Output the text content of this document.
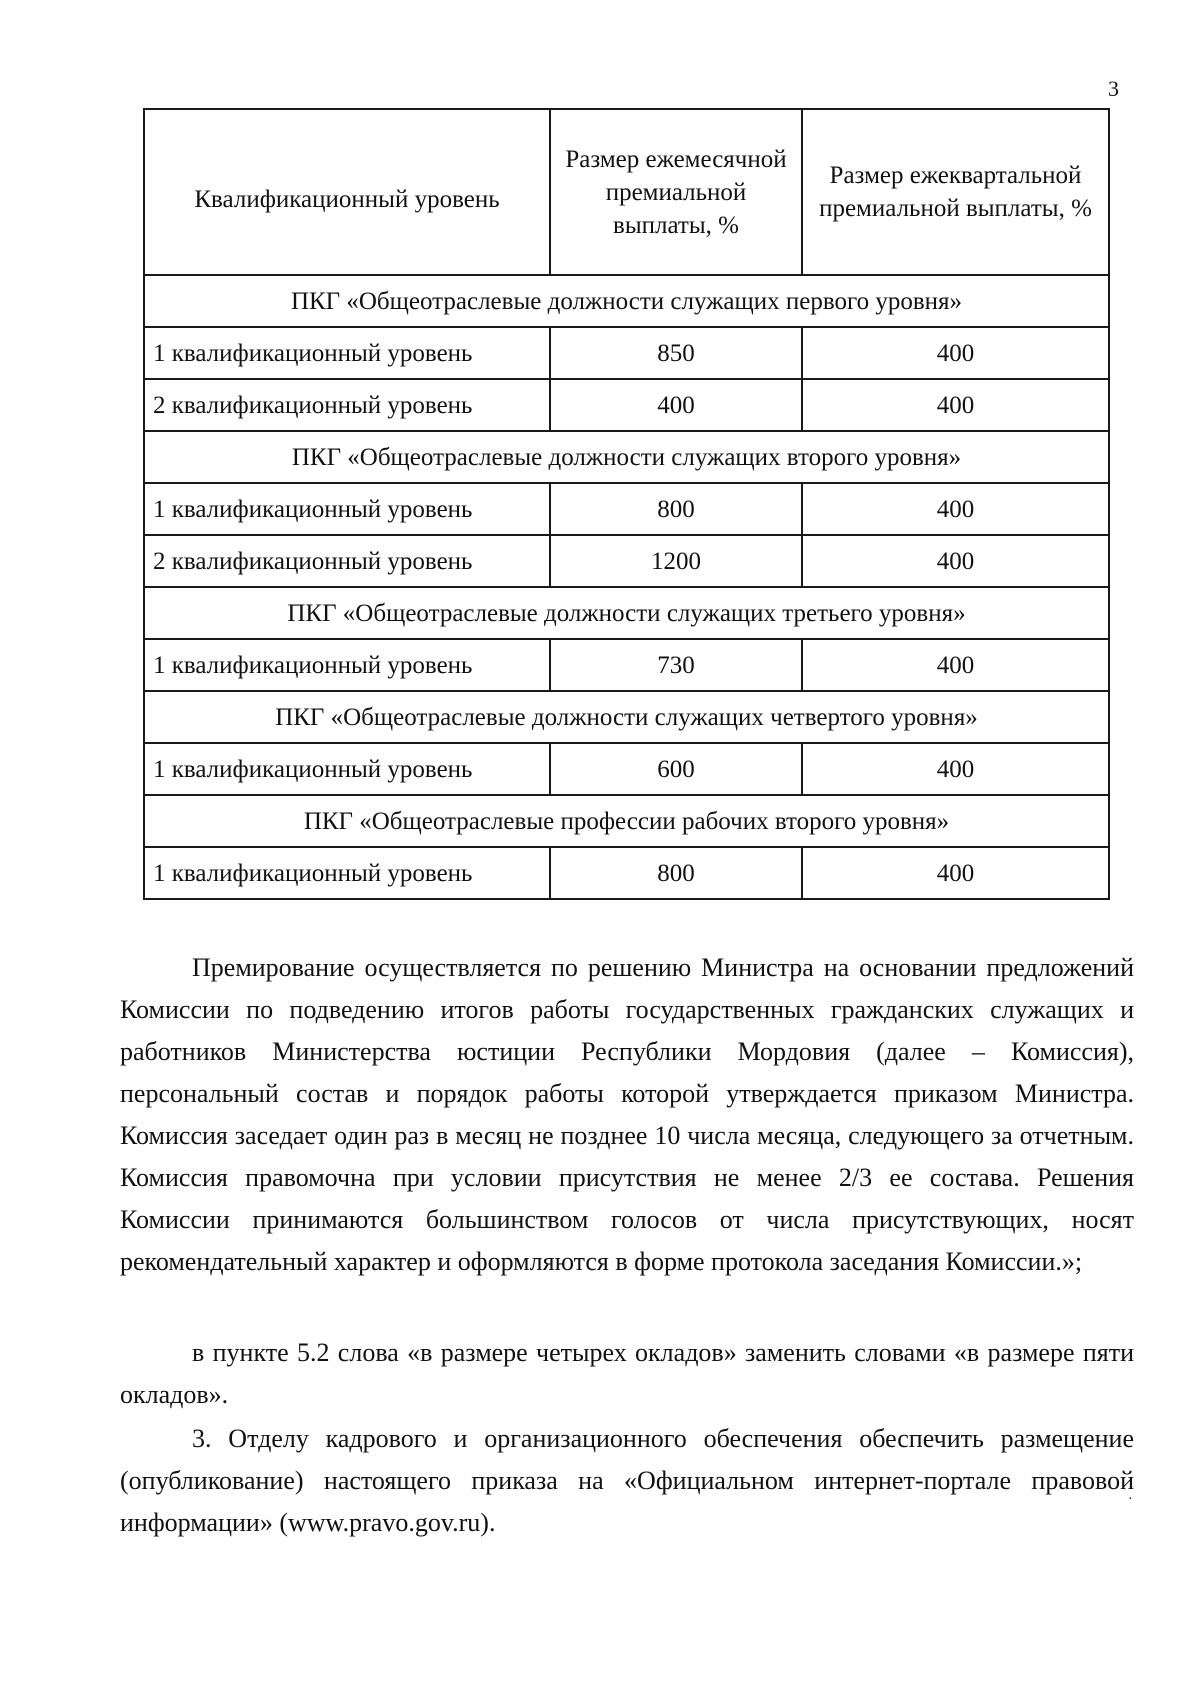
3
Квалификационный уровень	Размер ежемесячной премиальной выплаты, %	Размер ежеквартальной премиальной выплаты, %
ПКГ «Общеотраслевые должности служащих первого уровня»		
1 квалификационный уровень	850	400
2 квалификационный уровень	400	400
ПКГ «Общеотраслевые должности служащих второго уровня»		
1 квалификационный уровень	800	400
2 квалификационный уровень	1200	400
ПКГ «Общеотраслевые должности служащих третьего уровня»		
1 квалификационный уровень	730	400
ПКГ «Общеотраслевые должности служащих четвертого уровня»		
1 квалификационный уровень	600	400
ПКГ «Общеотраслевые профессии рабочих второго уровня»		
1 квалификационный уровень	800	400

Премирование осуществляется по решению Министра на основании предложений Комиссии по подведению итогов работы государственных гражданских служащих и работников Министерства юстиции Республики Мордовия (далее – Комиссия), персональный состав и порядок работы которой утверждается приказом Министра. Комиссия заседает один раз в месяц не позднее 10 числа месяца, следующего за отчетным. Комиссия правомочна при условии присутствия не менее 2/3 ее состава. Решения Комиссии принимаются большинством голосов от числа присутствующих, носят рекомендательный характер и оформляются в форме протокола заседания Комиссии.»;

в пункте 5.2 слова «в размере четырех окладов» заменить словами «в размере пяти окладов».

3. Отделу кадрового и организационного обеспечения обеспечить размещение (опубликование) настоящего приказа на «Официальном интернет-портале правовой информации» (www.pravo.gov.ru).

·
